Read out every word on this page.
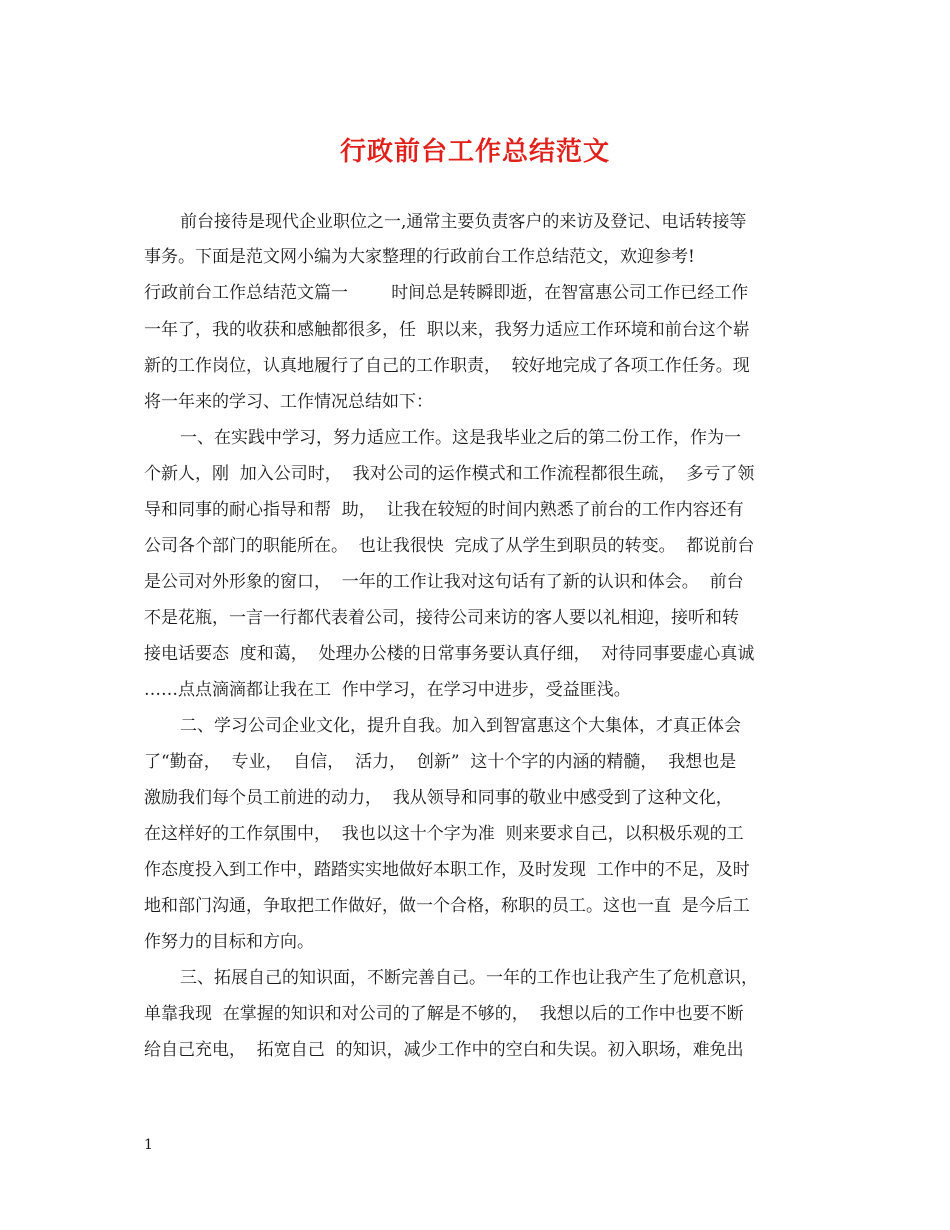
行政前台工作总结范文
前台接待是现代企业职位之一,通常主要负责客户的来访及登记、电话转接等
事务。下面是范文网小编为大家整理的行政前台工作总结范文，欢迎参考!
行政前台工作总结范文篇一        时间总是转瞬即逝，在智富惠公司工作已经工作
一年了，我的收获和感触都很多，任  职以来，我努力适应工作环境和前台这个崭
新的工作岗位，认真地履行了自己的工作职责，  较好地完成了各项工作任务。现
将一年来的学习、工作情况总结如下：
一、在实践中学习，努力适应工作。这是我毕业之后的第二份工作，作为一
个新人，刚  加入公司时，  我对公司的运作模式和工作流程都很生疏，  多亏了领
导和同事的耐心指导和帮  助，  让我在较短的时间内熟悉了前台的工作内容还有
公司各个部门的职能所在。  也让我很快  完成了从学生到职员的转变。  都说前台
是公司对外形象的窗口，  一年的工作让我对这句话有了新的认识和体会。  前台
不是花瓶，一言一行都代表着公司，接待公司来访的客人要以礼相迎，接听和转
接电话要态  度和蔼，  处理办公楼的日常事务要认真仔细，  对待同事要虚心真诚
……点点滴滴都让我在工  作中学习，在学习中进步，受益匪浅。
二、学习公司企业文化，提升自我。加入到智富惠这个大集体，才真正体会
了“勤奋，  专业，  自信，  活力，  创新”  这十个字的内涵的精髓，  我想也是
激励我们每个员工前进的动力，  我从领导和同事的敬业中感受到了这种文化，
在这样好的工作氛围中，  我也以这十个字为准  则来要求自己，以积极乐观的工
作态度投入到工作中，踏踏实实地做好本职工作，及时发现  工作中的不足，及时
地和部门沟通，争取把工作做好，做一个合格，称职的员工。这也一直  是今后工
作努力的目标和方向。
三、拓展自己的知识面，不断完善自己。一年的工作也让我产生了危机意识，
单靠我现  在掌握的知识和对公司的了解是不够的，  我想以后的工作中也要不断
给自己充电，  拓宽自己  的知识，减少工作中的空白和失误。初入职场，难免出
1
